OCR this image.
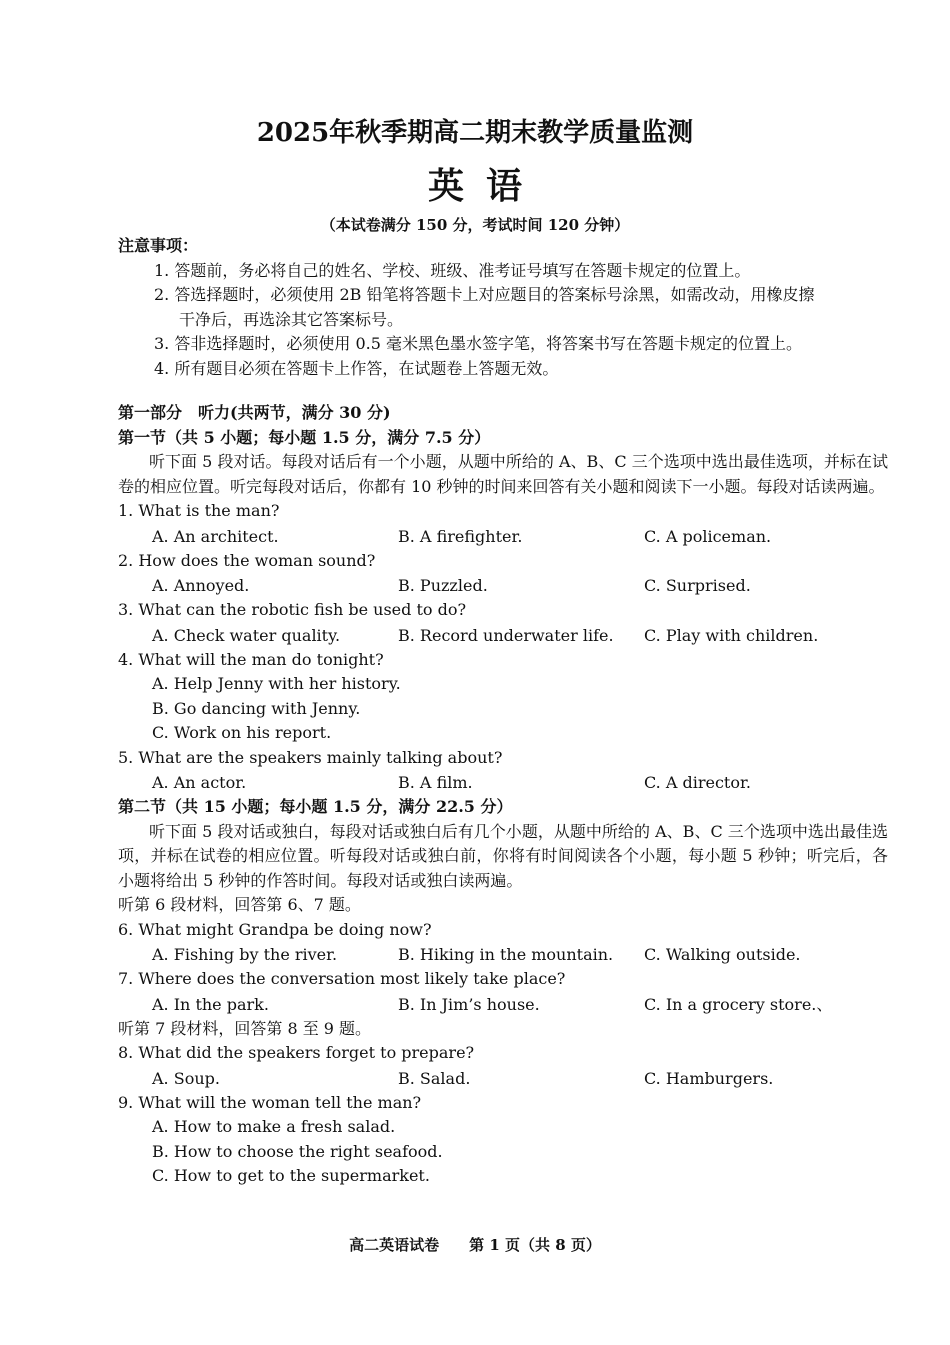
2025年秋季期高二期末教学质量监测
英语
（本试卷满分 150 分，考试时间 120 分钟）
注意事项：
1. 答题前，务必将自己的姓名、学校、班级、准考证号填写在答题卡规定的位置上。
2. 答选择题时，必须使用 2B 铅笔将答题卡上对应题目的答案标号涂黑，如需改动，用橡皮擦
干净后，再选涂其它答案标号。
3. 答非选择题时，必须使用 0.5 毫米黑色墨水签字笔，将答案书写在答题卡规定的位置上。
4. 所有题目必须在答题卡上作答，在试题卷上答题无效。
第一部分　听力(共两节，满分 30 分)
第一节（共 5 小题；每小题 1.5 分，满分 7.5 分）
听下面 5 段对话。每段对话后有一个小题，从题中所给的 A、B、C 三个选项中选出最佳选项，并标在试卷的相应位置。听完每段对话后，你都有 10 秒钟的时间来回答有关小题和阅读下一小题。每段对话读两遍。
1. What is the man?
A. An architect.	B. A firefighter.	C. A policeman.
2. How does the woman sound?
A. Annoyed.	B. Puzzled.	C. Surprised.
3. What can the robotic fish be used to do?
A. Check water quality.	B. Record underwater life. C. Play with children.
4. What will the man do tonight?
A. Help Jenny with her history.
B. Go dancing with Jenny.
C. Work on his report.
5. What are the speakers mainly talking about?
A. An actor.	B. A film.	C. A director.
第二节（共 15 小题；每小题 1.5 分，满分 22.5 分）
听下面 5 段对话或独白，每段对话或独白后有几个小题，从题中所给的 A、B、C 三个选项中选出最佳选项，并标在试卷的相应位置。听每段对话或独白前，你将有时间阅读各个小题，每小题 5 秒钟；听完后，各小题将给出 5 秒钟的作答时间。每段对话或独白读两遍。
听第 6 段材料，回答第 6、7 题。
6. What might Grandpa be doing now?
A. Fishing by the river.	B. Hiking in the mountain. C. Walking outside.
7. Where does the conversation most likely take place?
A. In the park.	B. In Jim’s house.	C. In a grocery store.、
听第 7 段材料，回答第 8 至 9 题。
8. What did the speakers forget to prepare?
A. Soup.	B. Salad.	C. Hamburgers.
9. What will the woman tell the man?
A. How to make a fresh salad.
B. How to choose the right seafood.
C. How to get to the supermarket.
高二英语试卷　　第 1 页（共 8 页）
